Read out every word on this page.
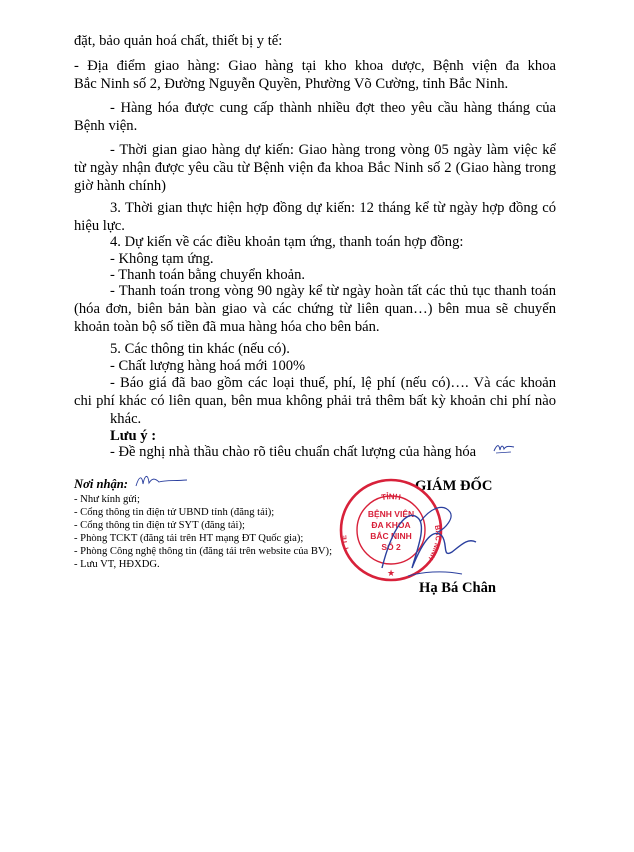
đặt, bảo quản hoá chất, thiết bị y tế:
- Địa điểm giao hàng: Giao hàng tại kho khoa dược, Bệnh viện đa khoa
Bắc Ninh số 2, Đường Nguyễn Quyền, Phường Võ Cường, tỉnh Bắc Ninh.
- Hàng hóa được cung cấp thành nhiều đợt theo yêu cầu hàng tháng của
Bệnh viện.
- Thời gian giao hàng dự kiến: Giao hàng trong vòng 05 ngày làm việc kể
từ ngày nhận được yêu cầu từ Bệnh viện đa khoa Bắc Ninh số 2 (Giao hàng trong
giờ hành chính)
3. Thời gian thực hiện hợp đồng dự kiến: 12 tháng kể từ ngày hợp đồng có
hiệu lực.
4. Dự kiến về các điều khoản tạm ứng, thanh toán hợp đồng:
- Không tạm ứng.
- Thanh toán bằng chuyển khoản.
- Thanh toán trong vòng 90 ngày kể từ ngày hoàn tất các thủ tục thanh toán
(hóa đơn, biên bản bàn giao và các chứng từ liên quan…) bên mua sẽ chuyển
khoản toàn bộ số tiền đã mua hàng hóa cho bên bán.
5. Các thông tin khác (nếu có).
- Chất lượng hàng hoá mới 100%
- Báo giá đã bao gồm các loại thuế, phí, lệ phí (nếu có)…. Và các khoản
chi phí khác có liên quan, bên mua không phải trả thêm bất kỳ khoản chi phí nào
khác.
Lưu ý :
- Đề nghị nhà thầu chào rõ tiêu chuẩn chất lượng của hàng hóa
Nơi nhận:
- Như kính gửi;
- Cổng thông tin điện tử UBND tỉnh (đăng tải);
- Cổng thông tin điện tử SYT (đăng tải);
- Phòng TCKT (đăng tải trên HT mạng ĐT Quốc gia);
- Phòng Công nghệ thông tin (đăng tải trên website của BV);
- Lưu VT, HĐXDG.
GIÁM ĐỐC
TỈNH
Y TẾ
BẮC NINH
BỆNH VIỆN
ĐA KHOA
BẮC NINH
SỐ 2
★
Hạ Bá Chân
